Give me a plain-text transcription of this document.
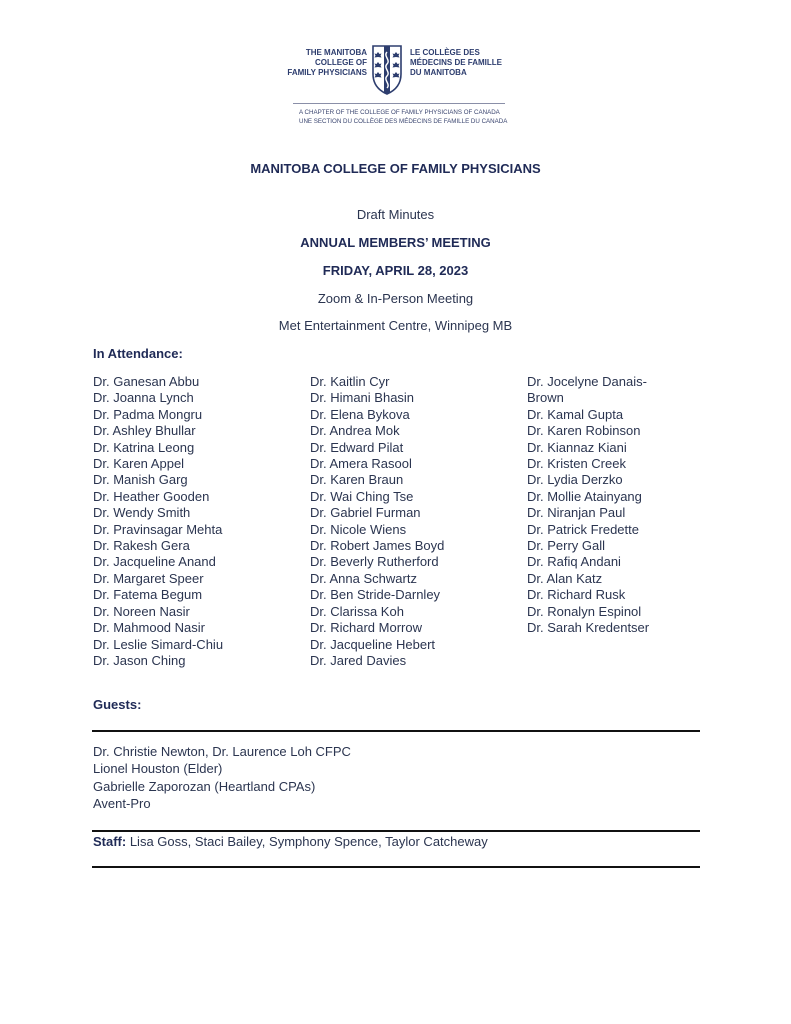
THE MANITOBA
COLLEGE OF
FAMILY PHYSICIANS
LE COLLÈGE DES
MÉDECINS DE FAMILLE
DU MANITOBA
A CHAPTER OF THE COLLEGE OF FAMILY PHYSICIANS OF CANADA
UNE SECTION DU COLLÈGE DES MÉDECINS DE FAMILLE DU CANADA
MANITOBA COLLEGE OF FAMILY PHYSICIANS
Draft Minutes
ANNUAL MEMBERS’ MEETING
FRIDAY, APRIL 28, 2023
Zoom & In-Person Meeting
Met Entertainment Centre, Winnipeg MB
In Attendance:
Dr. Ganesan Abbu
Dr. Joanna Lynch
Dr. Padma Mongru
Dr. Ashley Bhullar
Dr. Katrina Leong
Dr. Karen Appel
Dr. Manish Garg
Dr. Heather Gooden
Dr. Wendy Smith
Dr. Pravinsagar Mehta
Dr. Rakesh Gera
Dr. Jacqueline Anand
Dr. Margaret Speer
Dr. Fatema Begum
Dr. Noreen Nasir
Dr. Mahmood Nasir
Dr. Leslie Simard-Chiu
Dr. Jason Ching
Dr. Kaitlin Cyr
Dr. Himani Bhasin
Dr. Elena Bykova
Dr. Andrea Mok
Dr. Edward Pilat
Dr. Amera Rasool
Dr. Karen Braun
Dr. Wai Ching Tse
Dr. Gabriel Furman
Dr. Nicole Wiens
Dr. Robert James Boyd
Dr. Beverly Rutherford
Dr. Anna Schwartz
Dr. Ben Stride-Darnley
Dr. Clarissa Koh
Dr. Richard Morrow
Dr. Jacqueline Hebert
Dr. Jared Davies
Dr. Jocelyne Danais-
Brown
Dr. Kamal Gupta
Dr. Karen Robinson
Dr. Kiannaz Kiani
Dr. Kristen Creek
Dr. Lydia Derzko
Dr. Mollie Atainyang
Dr. Niranjan Paul
Dr. Patrick Fredette
Dr. Perry Gall
Dr. Rafiq Andani
Dr. Alan Katz
Dr. Richard Rusk
Dr. Ronalyn Espinol
Dr. Sarah Kredentser
Guests:
Dr. Christie Newton, Dr. Laurence Loh CFPC
Lionel Houston (Elder)
Gabrielle Zaporozan (Heartland CPAs)
Avent-Pro
Staff: Lisa Goss, Staci Bailey, Symphony Spence, Taylor Catcheway
